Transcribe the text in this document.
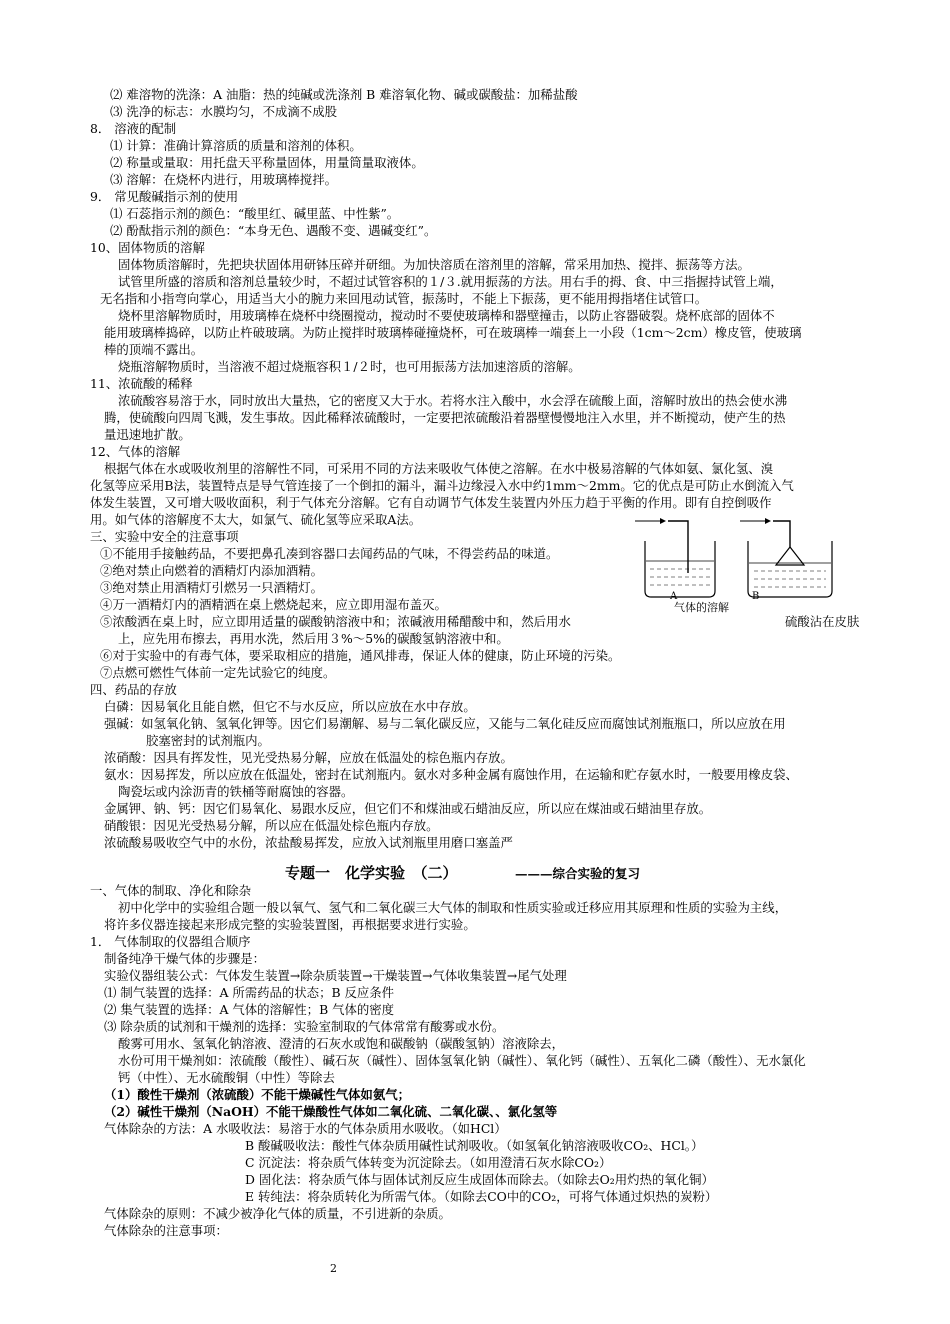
⑵ 难溶物的洗涤：A 油脂：热的纯碱或洗涤剂 B 难溶氧化物、碱或碳酸盐：加稀盐酸
⑶ 洗净的标志：水膜均匀，不成滴不成股
8． 溶液的配制
⑴ 计算：准确计算溶质的质量和溶剂的体积。
⑵ 称量或量取：用托盘天平称量固体，用量筒量取液体。
⑶ 溶解：在烧杯内进行，用玻璃棒搅拌。
9． 常见酸碱指示剂的使用
⑴ 石蕊指示剂的颜色：“酸里红、碱里蓝、中性紫”。
⑵ 酚酞指示剂的颜色：“本身无色、遇酸不变、遇碱变红”。
10、固体物质的溶解
固体物质溶解时，先把块状固体用研钵压碎并研细。为加快溶质在溶剂里的溶解，常采用加热、搅拌、振荡等方法。
试管里所盛的溶质和溶剂总量较少时，不超过试管容积的１/３.就用振荡的方法。用右手的拇、食、中三指握持试管上端，
无名指和小指弯向掌心，用适当大小的腕力来回甩动试管，振荡时，不能上下振荡，更不能用拇指堵住试管口。
烧杯里溶解物质时，用玻璃棒在烧杯中绕圈搅动，搅动时不要使玻璃棒和器壁撞击，以防止容器破裂。烧杯底部的固体不
能用玻璃棒捣碎，以防止杵破玻璃。为防止搅拌时玻璃棒碰撞烧杯，可在玻璃棒一端套上一小段（1cm～2cm）橡皮管，使玻璃
棒的顶端不露出。
烧瓶溶解物质时，当溶液不超过烧瓶容积１/２时，也可用振荡方法加速溶质的溶解。
11、浓硫酸的稀释
浓硫酸容易溶于水，同时放出大量热，它的密度又大于水。若将水注入酸中，水会浮在硫酸上面，溶解时放出的热会使水沸
腾，使硫酸向四周飞溅，发生事故。因此稀释浓硫酸时，一定要把浓硫酸沿着器壁慢慢地注入水里，并不断搅动，使产生的热
量迅速地扩散。
12、气体的溶解
根据气体在水或吸收剂里的溶解性不同，可采用不同的方法来吸收气体使之溶解。在水中极易溶解的气体如氨、氯化氢、溴
化氢等应采用B法，装置特点是导气管连接了一个倒扣的漏斗，漏斗边缘浸入水中约1mm～2mm。它的优点是可防止水倒流入气
体发生装置，又可增大吸收面积，利于气体充分溶解。它有自动调节气体发生装置内外压力趋于平衡的作用。即有自控倒吸作
用。如气体的溶解度不太大，如氯气、硫化氢等应采取A法。
三、实验中安全的注意事项
①不能用手接触药品，不要把鼻孔凑到容器口去闻药品的气味，不得尝药品的味道。
②绝对禁止向燃着的酒精灯内添加酒精。
③绝对禁止用酒精灯引燃另一只酒精灯。
④万一酒精灯内的酒精洒在桌上燃烧起来，应立即用湿布盖灭。
⑤浓酸洒在桌上时，应立即用适量的碳酸钠溶液中和；浓碱液用稀醋酸中和，然后用水	硫酸沾在皮肤
上，应先用布擦去，再用水洗，然后用３%～5%的碳酸氢钠溶液中和。
⑥对于实验中的有毒气体，要采取相应的措施，通风排毒，保证人体的健康，防止环境的污染。
⑦点燃可燃性气体前一定先试验它的纯度。
四、药品的存放
白磷：因易氧化且能自燃，但它不与水反应，所以应放在水中存放。
强碱：如氢氧化钠、氢氧化钾等。因它们易潮解、易与二氧化碳反应，又能与二氧化硅反应而腐蚀试剂瓶瓶口，所以应放在用
胶塞密封的试剂瓶内。
浓硝酸：因具有挥发性，见光受热易分解，应放在低温处的棕色瓶内存放。
氨水：因易挥发，所以应放在低温处，密封在试剂瓶内。氨水对多种金属有腐蚀作用，在运输和贮存氨水时，一般要用橡皮袋、
陶瓷坛或内涂沥青的铁桶等耐腐蚀的容器。
金属钾、钠、钙：因它们易氧化、易跟水反应，但它们不和煤油或石蜡油反应，所以应在煤油或石蜡油里存放。
硝酸银：因见光受热易分解，所以应在低温处棕色瓶内存放。
浓硫酸易吸收空气中的水份，浓盐酸易挥发，应放入试剂瓶里用磨口塞盖严
A	B
气体的溶解
专题一　化学实验　（二）	———综合实验的复习
一、气体的制取、净化和除杂
初中化学中的实验组合题一般以氧气、氢气和二氧化碳三大气体的制取和性质实验或迁移应用其原理和性质的实验为主线，
将许多仪器连接起来形成完整的实验装置图，再根据要求进行实验。
1． 气体制取的仪器组合顺序
制备纯净干燥气体的步骤是：
实验仪器组装公式：气体发生装置→除杂质装置→干燥装置→气体收集装置→尾气处理
⑴ 制气装置的选择：A 所需药品的状态；B 反应条件
⑵ 集气装置的选择：A 气体的溶解性；B 气体的密度
⑶ 除杂质的试剂和干燥剂的选择：实验室制取的气体常常有酸雾或水份。
酸雾可用水、氢氧化钠溶液、澄清的石灰水或饱和碳酸钠（碳酸氢钠）溶液除去，
水份可用干燥剂如：浓硫酸（酸性）、碱石灰（碱性）、固体氢氧化钠（碱性）、氧化钙（碱性）、五氧化二磷（酸性）、无水氯化
钙（中性）、无水硫酸铜（中性）等除去
（1）酸性干燥剂（浓硫酸）不能干燥碱性气体如氨气；
（2）碱性干燥剂（NaOH）不能干燥酸性气体如二氧化硫、二氧化碳、、氯化氢等
气体除杂的方法：A 水吸收法：易溶于水的气体杂质用水吸收。（如HCl）
B 酸碱吸收法：酸性气体杂质用碱性试剂吸收。（如氢氧化钠溶液吸收CO₂、HCl。）
C 沉淀法：将杂质气体转变为沉淀除去。（如用澄清石灰水除CO₂）
D 固化法：将杂质气体与固体试剂反应生成固体而除去。（如除去O₂用灼热的氧化铜）
E 转纯法：将杂质转化为所需气体。（如除去CO中的CO₂，可将气体通过炽热的炭粉）
气体除杂的原则：不减少被净化气体的质量，不引进新的杂质。
气体除杂的注意事项：
2
